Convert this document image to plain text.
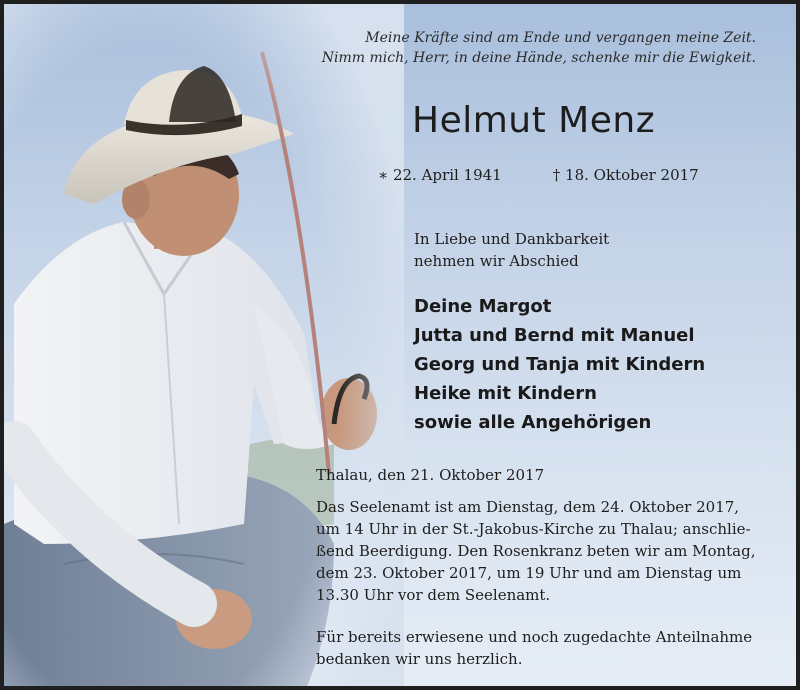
Meine Kräfte sind am Ende und vergangen meine Zeit.
Nimm mich, Herr, in deine Hände, schenke mir die Ewigkeit.
Helmut Menz
∗ 22. April 1941	† 18. Oktober 2017
In Liebe und Dankbarkeit
nehmen wir Abschied
Deine Margot
Jutta und Bernd mit Manuel
Georg und Tanja mit Kindern
Heike mit Kindern
sowie alle Angehörigen
Thalau, den 21. Oktober 2017
Das Seelenamt ist am Dienstag, dem 24. Oktober 2017,
um 14 Uhr in der St.-Jakobus-Kirche zu Thalau; anschlie-
ßend Beerdigung. Den Rosenkranz beten wir am Montag,
dem 23. Oktober 2017, um 19 Uhr und am Dienstag um
13.30 Uhr vor dem Seelenamt.
Für bereits erwiesene und noch zugedachte Anteilnahme
bedanken wir uns herzlich.
